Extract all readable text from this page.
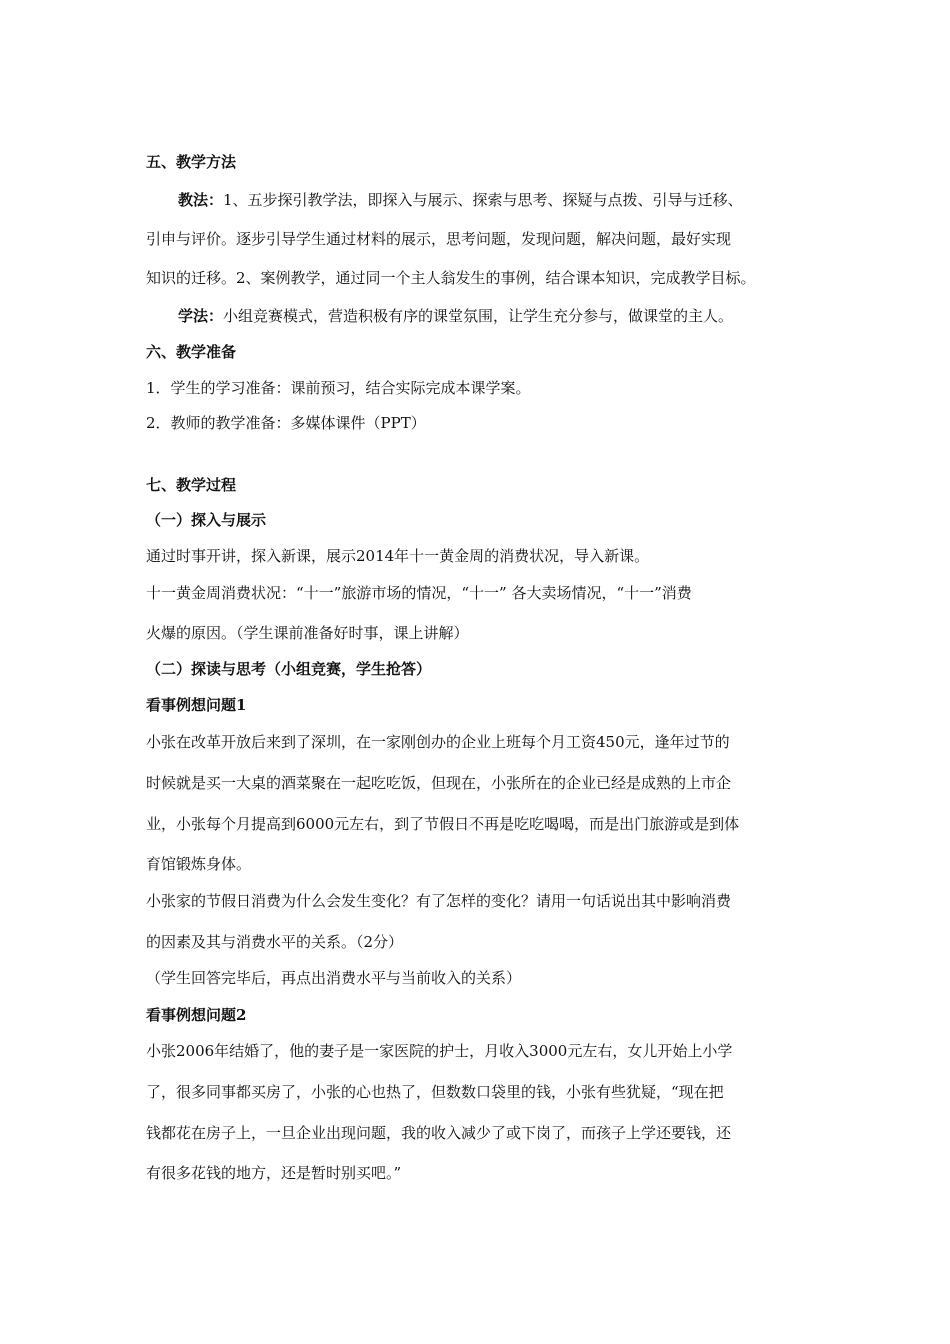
五、教学方法
教法：1、五步探引教学法，即探入与展示、探索与思考、探疑与点拨、引导与迁移、
引申与评价。逐步引导学生通过材料的展示，思考问题，发现问题，解决问题，最好实现
知识的迁移。2、案例教学，通过同一个主人翁发生的事例，结合课本知识，完成教学目标。
学法：小组竞赛模式，营造积极有序的课堂氛围，让学生充分参与，做课堂的主人。
六、教学准备
1．学生的学习准备：课前预习，结合实际完成本课学案。
2．教师的教学准备：多媒体课件（PPT）
七、教学过程
（一）探入与展示
通过时事开讲，探入新课，展示2014年十一黄金周的消费状况，导入新课。
十一黄金周消费状况：“十一”旅游市场的情况，“十一” 各大卖场情况，“十一”消费
火爆的原因。（学生课前准备好时事，课上讲解）
（二）探读与思考（小组竞赛，学生抢答）
看事例想问题1
小张在改革开放后来到了深圳，在一家刚创办的企业上班每个月工资450元，逢年过节的
时候就是买一大桌的酒菜聚在一起吃吃饭，但现在，小张所在的企业已经是成熟的上市企
业，小张每个月提高到6000元左右，到了节假日不再是吃吃喝喝，而是出门旅游或是到体
育馆锻炼身体。
小张家的节假日消费为什么会发生变化？有了怎样的变化？请用一句话说出其中影响消费
的因素及其与消费水平的关系。（2分）
（学生回答完毕后，再点出消费水平与当前收入的关系）
看事例想问题2
小张2006年结婚了，他的妻子是一家医院的护士，月收入3000元左右，女儿开始上小学
了，很多同事都买房了，小张的心也热了，但数数口袋里的钱，小张有些犹疑，“现在把
钱都花在房子上，一旦企业出现问题，我的收入减少了或下岗了，而孩子上学还要钱，还
有很多花钱的地方，还是暂时别买吧。”
